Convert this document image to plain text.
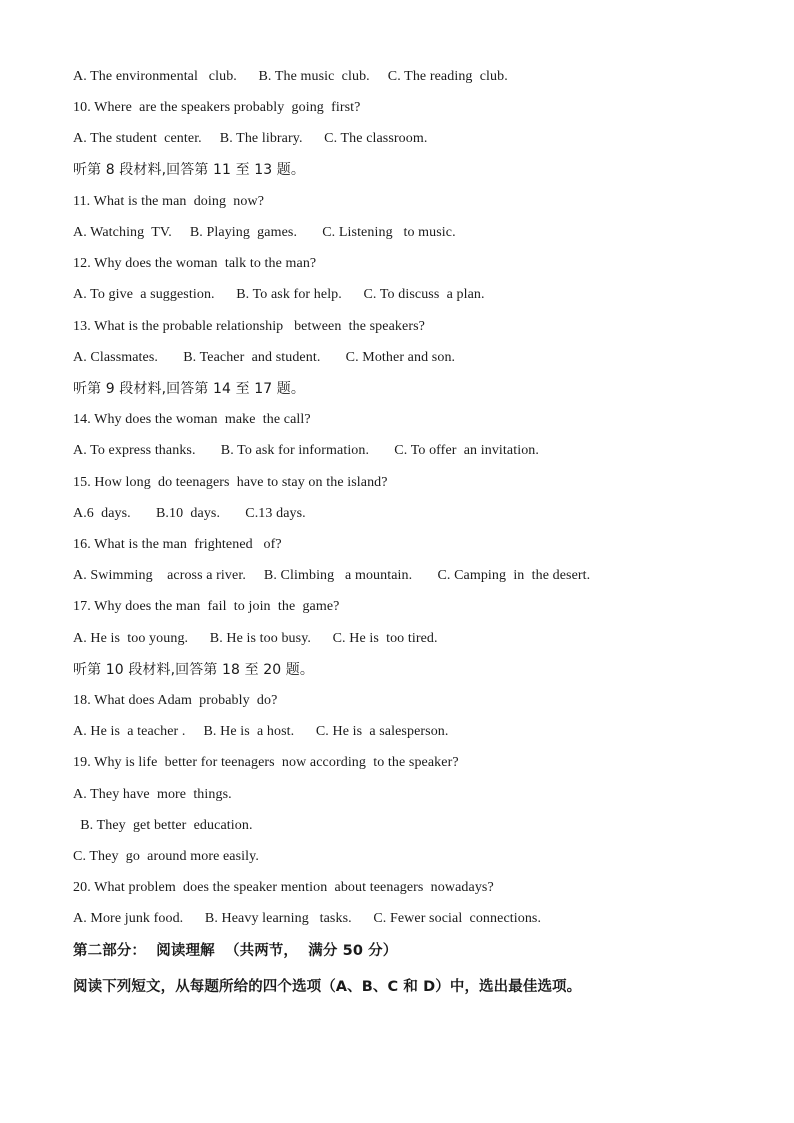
A. The environmental   club.      B. The music  club.     C. The reading  club.
10. Where  are the speakers probably  going  first?
A. The student  center.     B. The library.      C. The classroom.
听第 8 段材料,回答第 11 至 13 题。
11. What is the man  doing  now?
A. Watching  TV.     B. Playing  games.       C. Listening   to music.
12. Why does the woman  talk to the man?
A. To give  a suggestion.      B. To ask for help.      C. To discuss  a plan.
13. What is the probable relationship   between  the speakers?
A. Classmates.       B. Teacher  and student.       C. Mother and son.
听第 9 段材料,回答第 14 至 17 题。
14. Why does the woman  make  the call?
A. To express thanks.       B. To ask for information.       C. To offer  an invitation.
15. How long  do teenagers  have to stay on the island?
A.6  days.       B.10  days.       C.13 days.
16. What is the man  frightened   of?
A. Swimming    across a river.     B. Climbing   a mountain.       C. Camping  in  the desert.
17. Why does the man  fail  to join  the  game?
A. He is  too young.      B. He is too busy.      C. He is  too tired.
听第 10 段材料,回答第 18 至 20 题。
18. What does Adam  probably  do?
A. He is  a teacher .     B. He is  a host.      C. He is  a salesperson.
19. Why is life  better for teenagers  now according  to the speaker?
A. They have  more  things.
B. They  get better  education.
C. They  go  around more easily.
20. What problem  does the speaker mention  about teenagers  nowadays?
A. More junk food.      B. Heavy learning   tasks.      C. Fewer social  connections.
第二部分：  阅读理解  （共两节，  满分 50 分）
阅读下列短文，从每题所给的四个选项（A、B、C 和 D）中，选出最佳选项。
